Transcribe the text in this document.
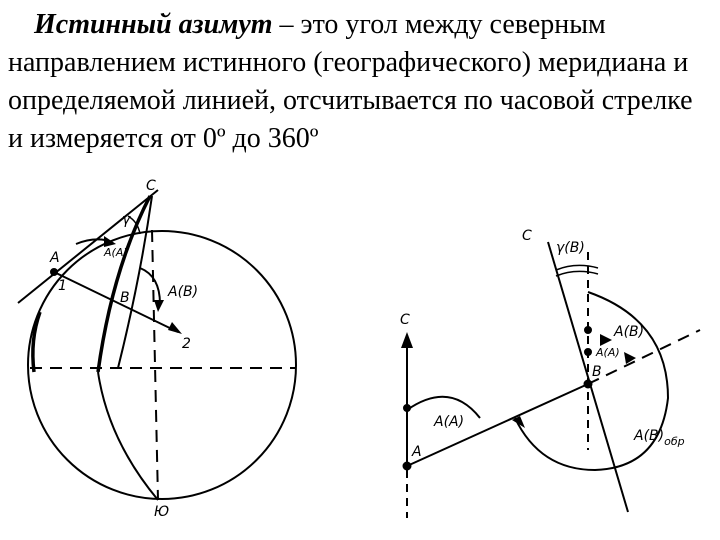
Истинный азимут – это угол между северным направлением истинного (географического) меридиана и определяемой линией, отсчитывается по часовой стрелке и измеряется от 0º до 360º

C
Ю
A
B
1
2
γ
A(A)
A(B)
C
C
γ(B)
A
B
A(A)
A(A)
A(B)
$A(B)_{обр}$
